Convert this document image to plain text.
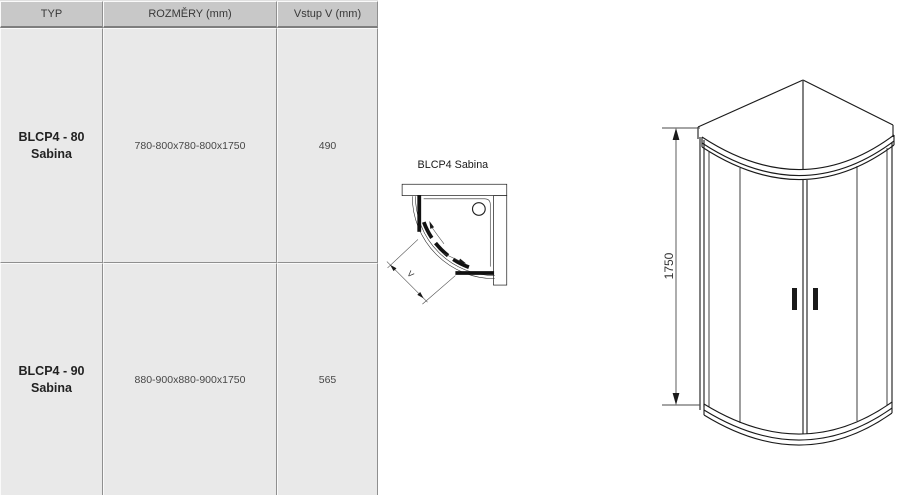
TYP	ROZMĚRY (mm)	Vstup V (mm)
BLCP4 - 80
Sabina
780-800x780-800x1750	490
BLCP4 - 90
Sabina
880-900x880-900x1750	565
BLCP4 Sabina
V	1750
